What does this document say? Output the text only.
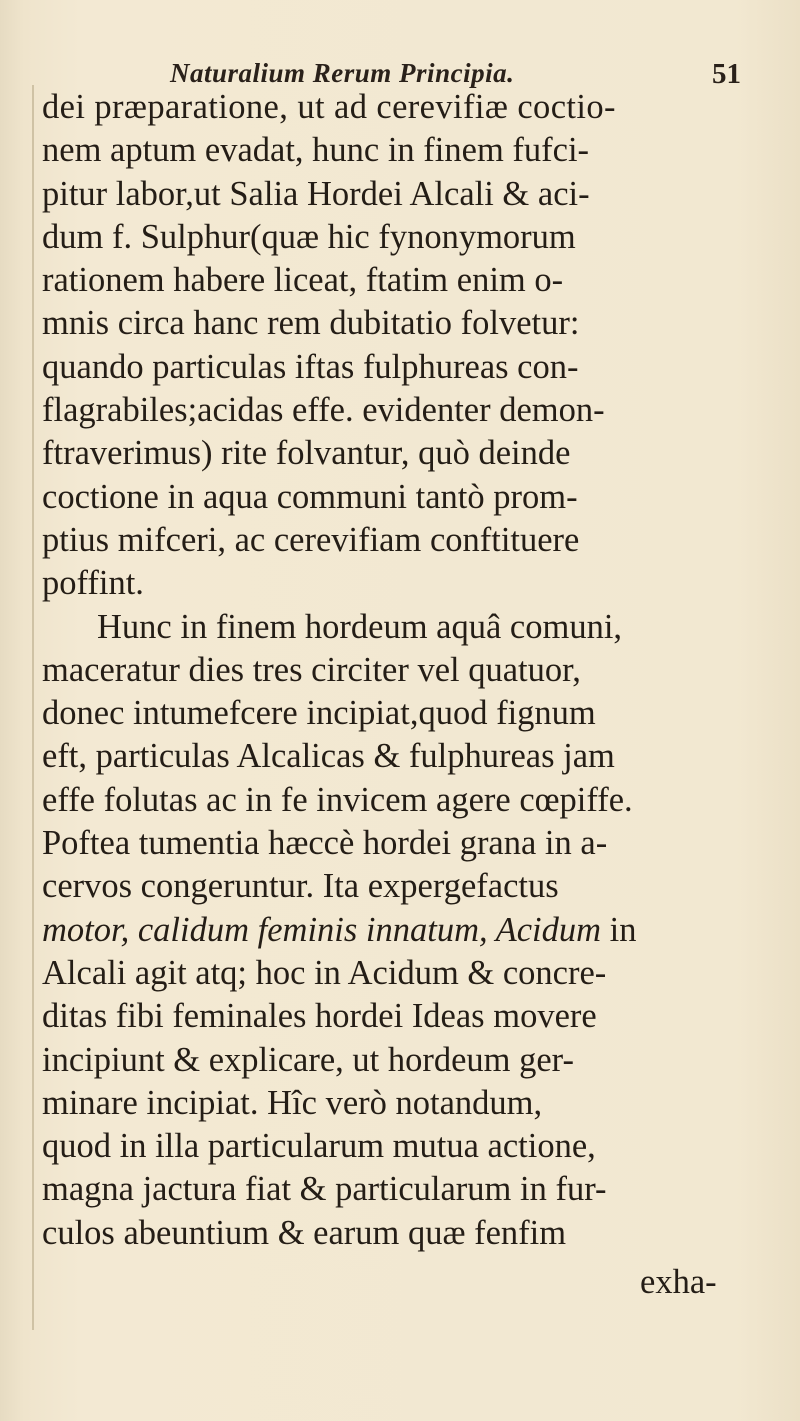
Naturalium Rerum Principia.	51
dei præparatione, ut ad cerevifiæ coctio-
nem aptum evadat, hunc in finem fufci-
pitur labor,ut Salia Hordei Alcali & aci-
dum f. Sulphur(quæ hic fynonymorum
rationem habere liceat, ftatim enim o-
mnis circa hanc rem dubitatio folvetur:
quando particulas iftas fulphureas con-
flagrabiles;acidas effe. evidenter demon-
ftraverimus) rite folvantur, quò deinde
coctione in aqua communi tantò prom-
ptius mifceri, ac cerevifiam conftituere
poffint.
Hunc in finem hordeum aquâ comuni,
maceratur dies tres circiter vel quatuor,
donec intumefcere incipiat,quod fignum
eft, particulas Alcalicas & fulphureas jam
effe folutas ac in fe invicem agere cœpiffe.
Poftea tumentia hæccè hordei grana in a-
cervos congeruntur. Ita expergefactus
motor, calidum feminis innatum, Acidum in
Alcali agit atq; hoc in Acidum & concre-
ditas fibi feminales hordei Ideas movere
incipiunt & explicare, ut hordeum ger-
minare incipiat. Hîc verò notandum,
quod in illa particularum mutua actione,
magna jactura fiat & particularum in fur-
culos abeuntium & earum quæ fenfim
exha-
